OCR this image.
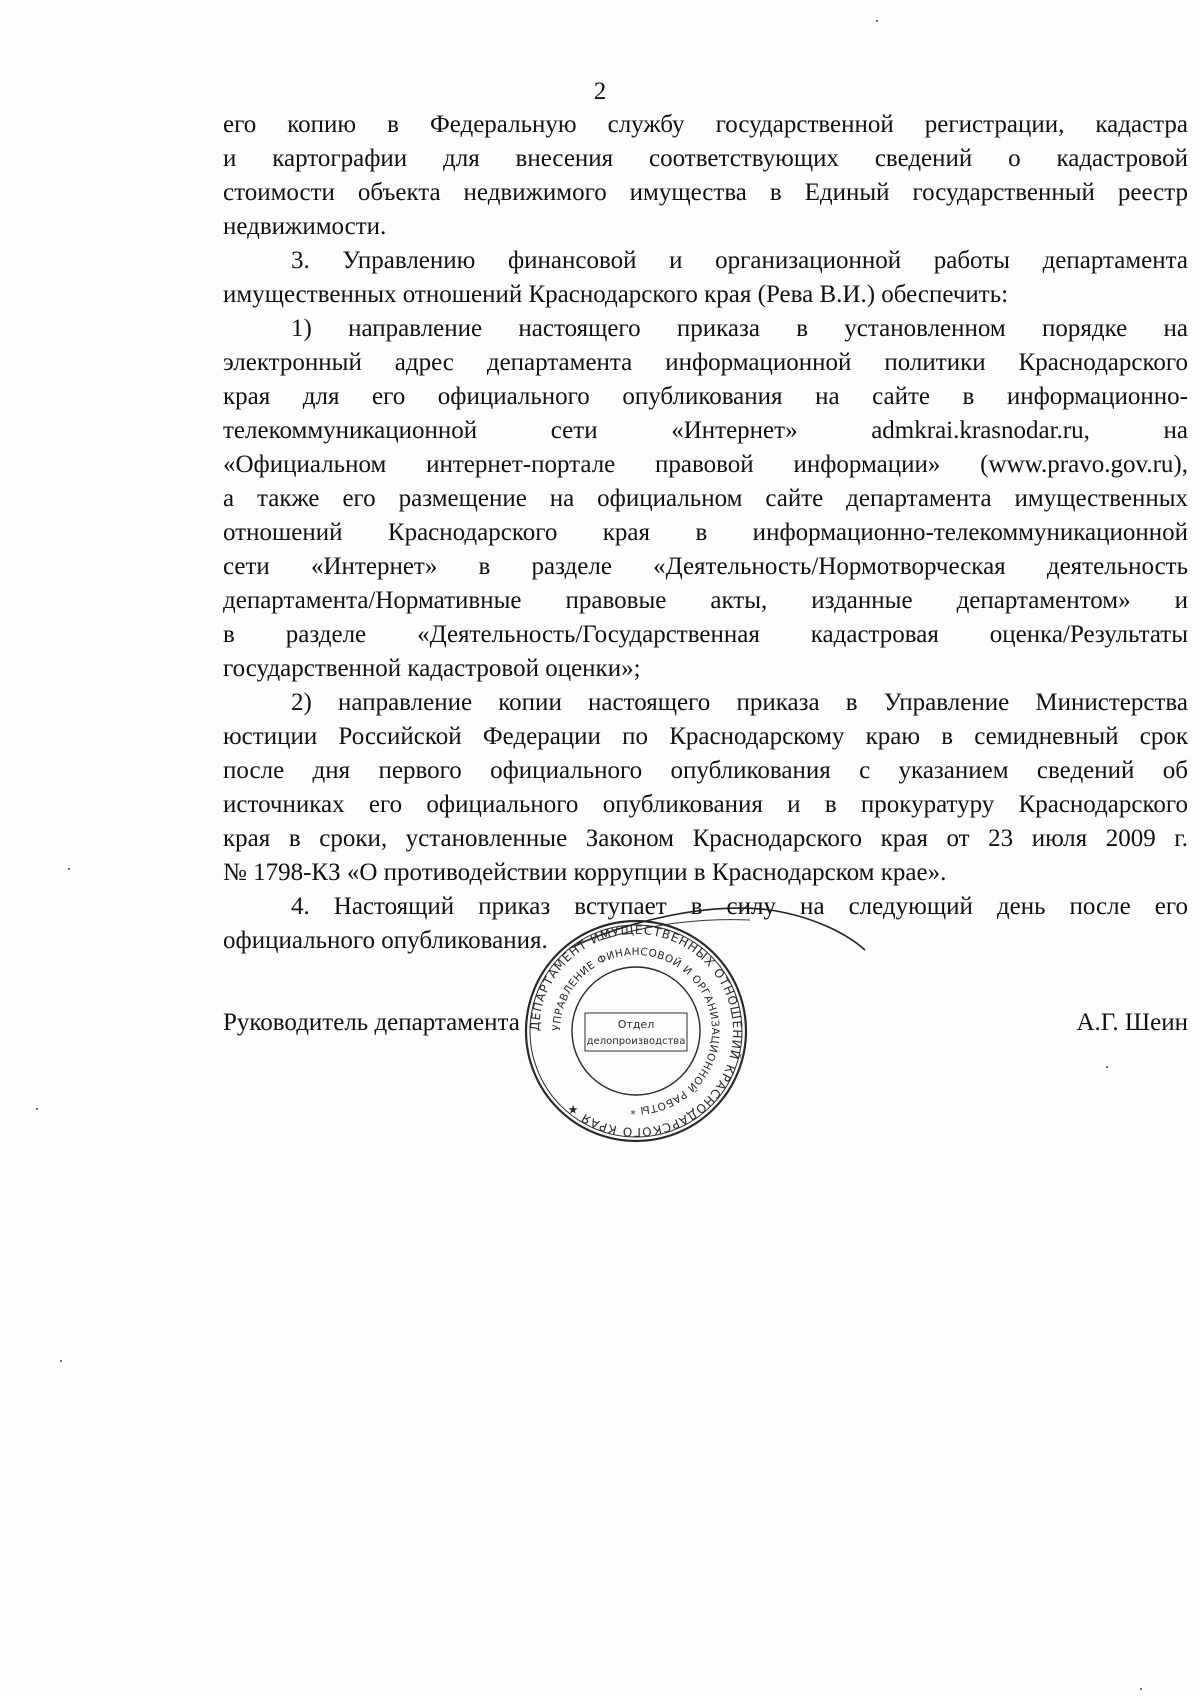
2
его копию в Федеральную службу государственной регистрации, кадастра
и картографии для внесения соответствующих сведений о кадастровой
стоимости объекта недвижимого имущества в Единый государственный реестр
недвижимости.
3. Управлению финансовой и организационной работы департамента
имущественных отношений Краснодарского края (Рева В.И.) обеспечить:
1) направление настоящего приказа в установленном порядке на
электронный адрес департамента информационной политики Краснодарского
края для его официального опубликования на сайте в информационно-
телекоммуникационной сети «Интернет» admkrai.krasnodar.ru, на
«Официальном интернет-портале правовой информации» (www.pravo.gov.ru),
а также его размещение на официальном сайте департамента имущественных
отношений Краснодарского края в информационно-телекоммуникационной
сети «Интернет» в разделе «Деятельность/Нормотворческая деятельность
департамента/Нормативные правовые акты, изданные департаментом» и
в разделе «Деятельность/Государственная кадастровая оценка/Результаты
государственной кадастровой оценки»;
2) направление копии настоящего приказа в Управление Министерства
юстиции Российской Федерации по Краснодарскому краю в семидневный срок
после дня первого официального опубликования с указанием сведений об
источниках его официального опубликования и в прокуратуру Краснодарского
края в сроки, установленные Законом Краснодарского края от 23 июля 2009 г.
№ 1798-КЗ «О противодействии коррупции в Краснодарском крае».
4. Настоящий приказ вступает в силу на следующий день после его
официального опубликования.
Руководитель департамента	А.Г. Шеин
ДЕПАРТАМЕНТ ИМУЩЕСТВЕННЫХ ОТНОШЕНИЙ КРАСНОДАРСКОГО КРАЯ ★
УПРАВЛЕНИЕ ФИНАНСОВОЙ И ОРГАНИЗАЦИОННОЙ РАБОТЫ *
Отдел
делопроизводства
